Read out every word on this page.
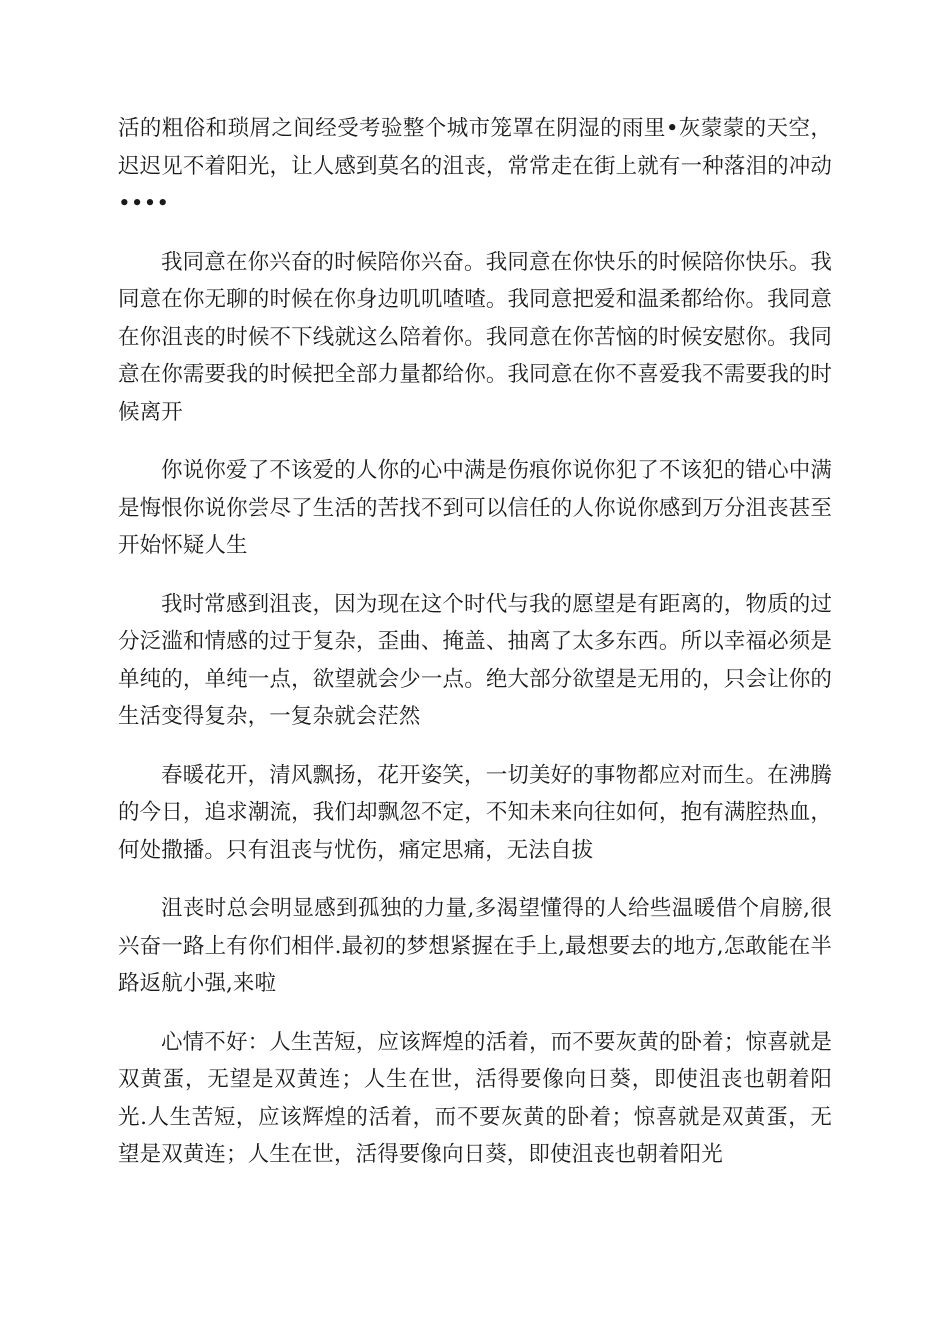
活的粗俗和琐屑之间经受考验整个城市笼罩在阴湿的雨里•灰蒙蒙的天空，迟迟见不着阳光，让人感到莫名的沮丧，常常走在街上就有一种落泪的冲动••••

我同意在你兴奋的时候陪你兴奋。我同意在你快乐的时候陪你快乐。我同意在你无聊的时候在你身边叽叽喳喳。我同意把爱和温柔都给你。我同意在你沮丧的时候不下线就这么陪着你。我同意在你苦恼的时候安慰你。我同意在你需要我的时候把全部力量都给你。我同意在你不喜爱我不需要我的时候离开

你说你爱了不该爱的人你的心中满是伤痕你说你犯了不该犯的错心中满是悔恨你说你尝尽了生活的苦找不到可以信任的人你说你感到万分沮丧甚至开始怀疑人生

我时常感到沮丧，因为现在这个时代与我的愿望是有距离的，物质的过分泛滥和情感的过于复杂，歪曲、掩盖、抽离了太多东西。所以幸福必须是单纯的，单纯一点，欲望就会少一点。绝大部分欲望是无用的，只会让你的生活变得复杂，一复杂就会茫然

春暖花开，清风飘扬，花开姿笑，一切美好的事物都应对而生。在沸腾的今日，追求潮流，我们却飘忽不定，不知未来向往如何，抱有满腔热血，何处撒播。只有沮丧与忧伤，痛定思痛，无法自拔

沮丧时总会明显感到孤独的力量,多渴望懂得的人给些温暖借个肩膀,很兴奋一路上有你们相伴.最初的梦想紧握在手上,最想要去的地方,怎敢能在半路返航小强,来啦

心情不好：人生苦短，应该辉煌的活着，而不要灰黄的卧着；惊喜就是双黄蛋，无望是双黄连；人生在世，活得要像向日葵，即使沮丧也朝着阳光.人生苦短，应该辉煌的活着，而不要灰黄的卧着；惊喜就是双黄蛋，无望是双黄连；人生在世，活得要像向日葵，即使沮丧也朝着阳光
